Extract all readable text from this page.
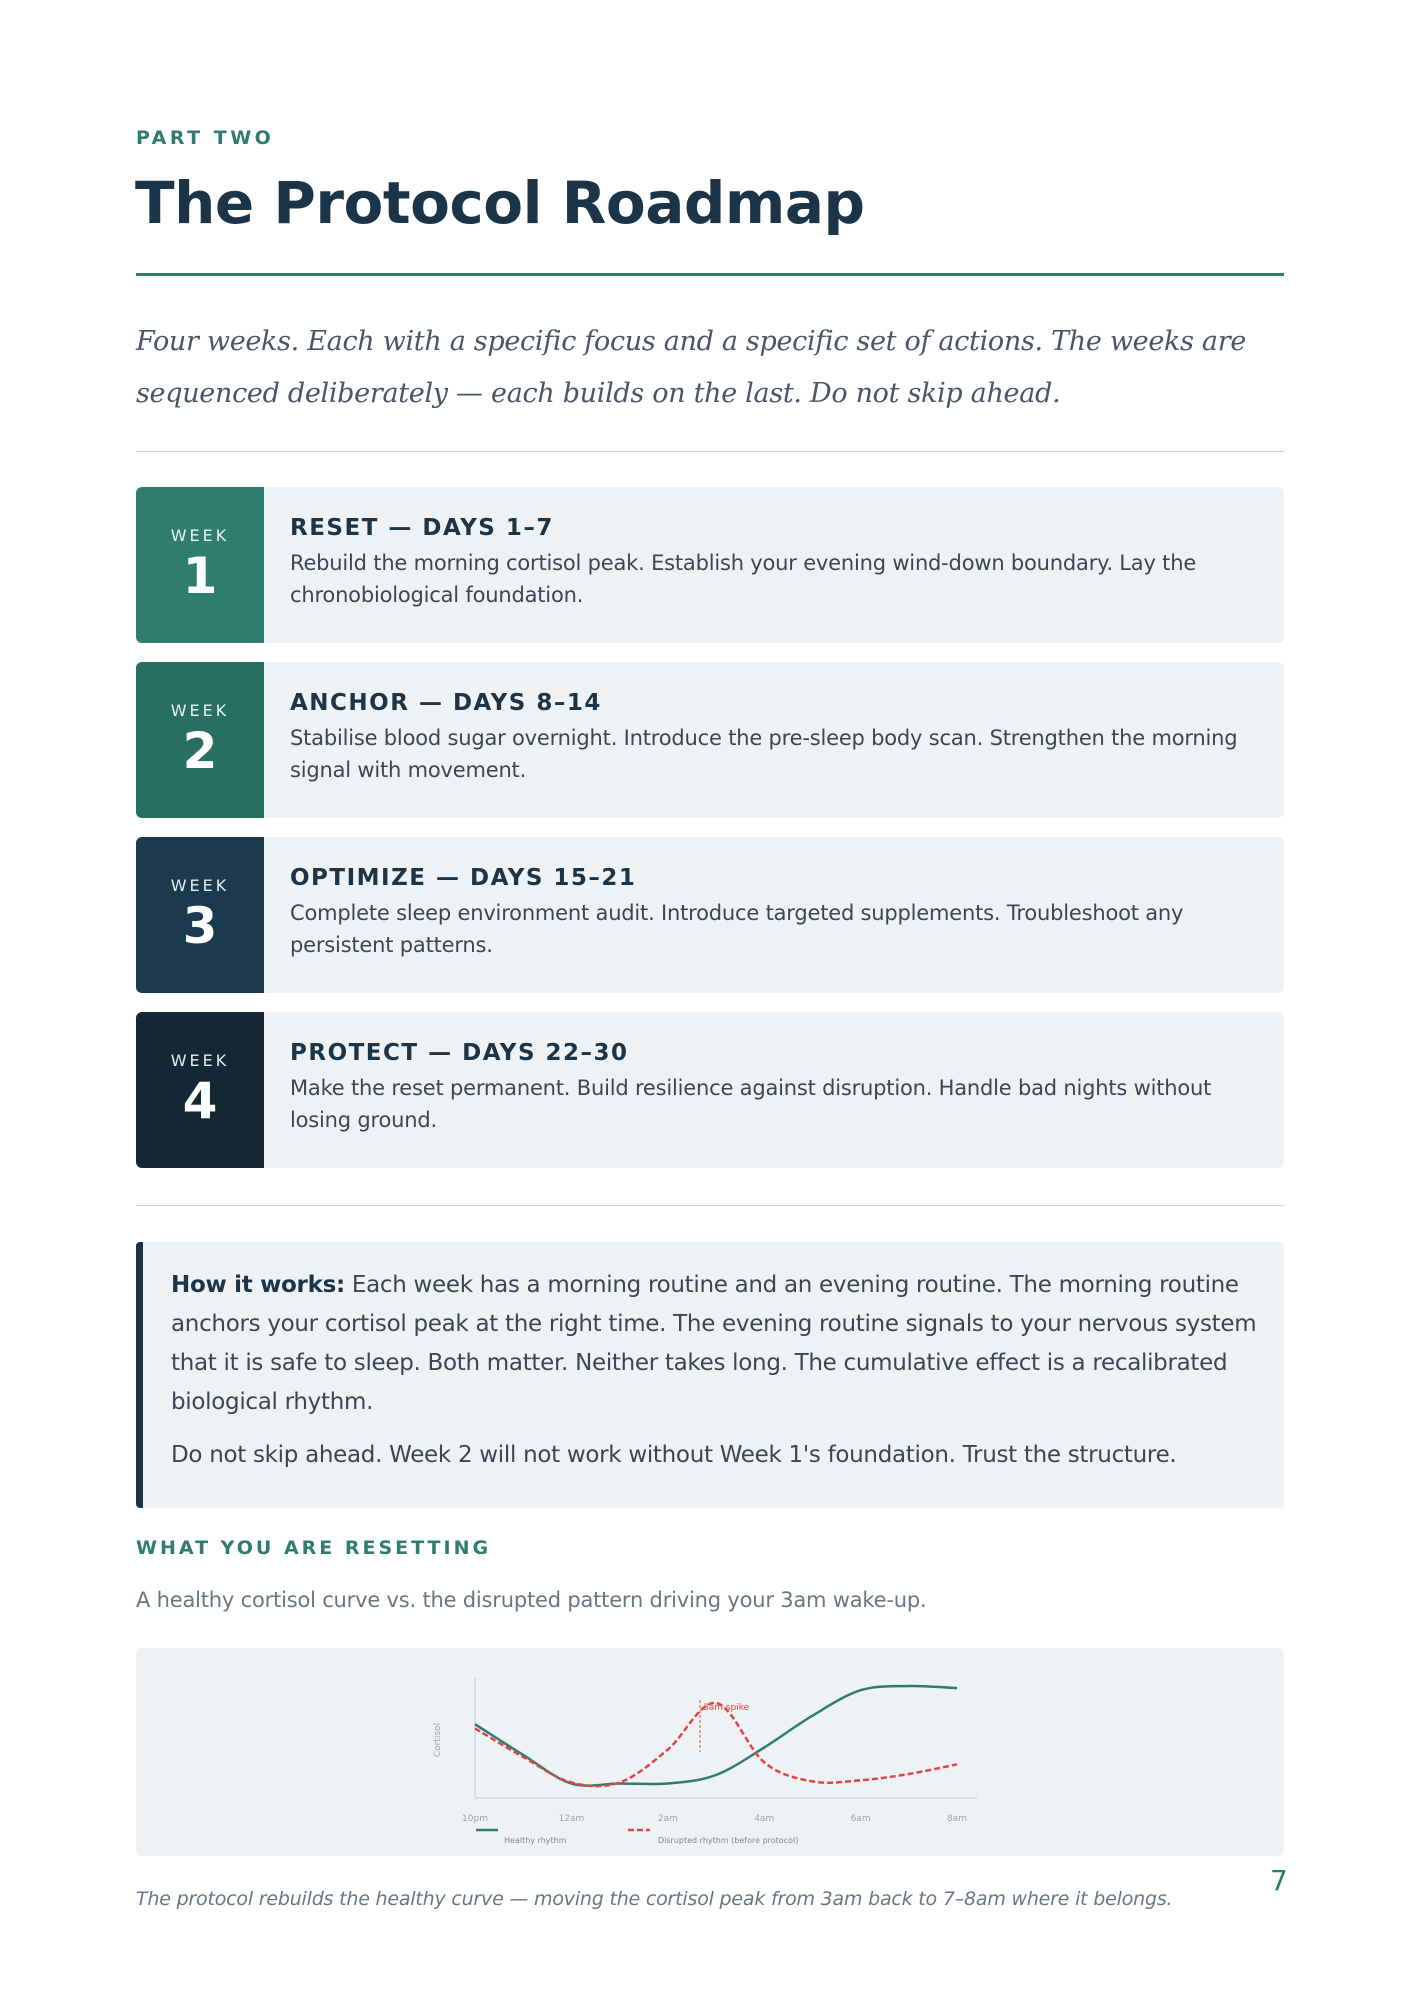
PART TWO
The Protocol Roadmap

Four weeks. Each with a specific focus and a specific set of actions. The weeks are sequenced deliberately — each builds on the last. Do not skip ahead.

WEEK
1
RESET — DAYS 1–7

Rebuild the morning cortisol peak. Establish your evening wind-down boundary. Lay the chronobiological foundation.

WEEK
2
ANCHOR — DAYS 8–14

Stabilise blood sugar overnight. Introduce the pre-sleep body scan. Strengthen the morning signal with movement.

WEEK
3
OPTIMIZE — DAYS 15–21

Complete sleep environment audit. Introduce targeted supplements. Troubleshoot any persistent patterns.

WEEK
4
PROTECT — DAYS 22–30

Make the reset permanent. Build resilience against disruption. Handle bad nights without losing ground.

How it works: Each week has a morning routine and an evening routine. The morning routine anchors your cortisol peak at the right time. The evening routine signals to your nervous system that it is safe to sleep. Both matter. Neither takes long. The cumulative effect is a recalibrated biological rhythm.

Do not skip ahead. Week 2 will not work without Week 1's foundation. Trust the structure.

WHAT YOU ARE RESETTING
A healthy cortisol curve vs. the disrupted pattern driving your 3am wake-up.
Cortisol
3am spike
10pm	12am	2am	4am	6am	8am
Healthy rhythm	Disrupted rhythm (before protocol)
7
The protocol rebuilds the healthy curve — moving the cortisol peak from 3am back to 7–8am where it belongs.
